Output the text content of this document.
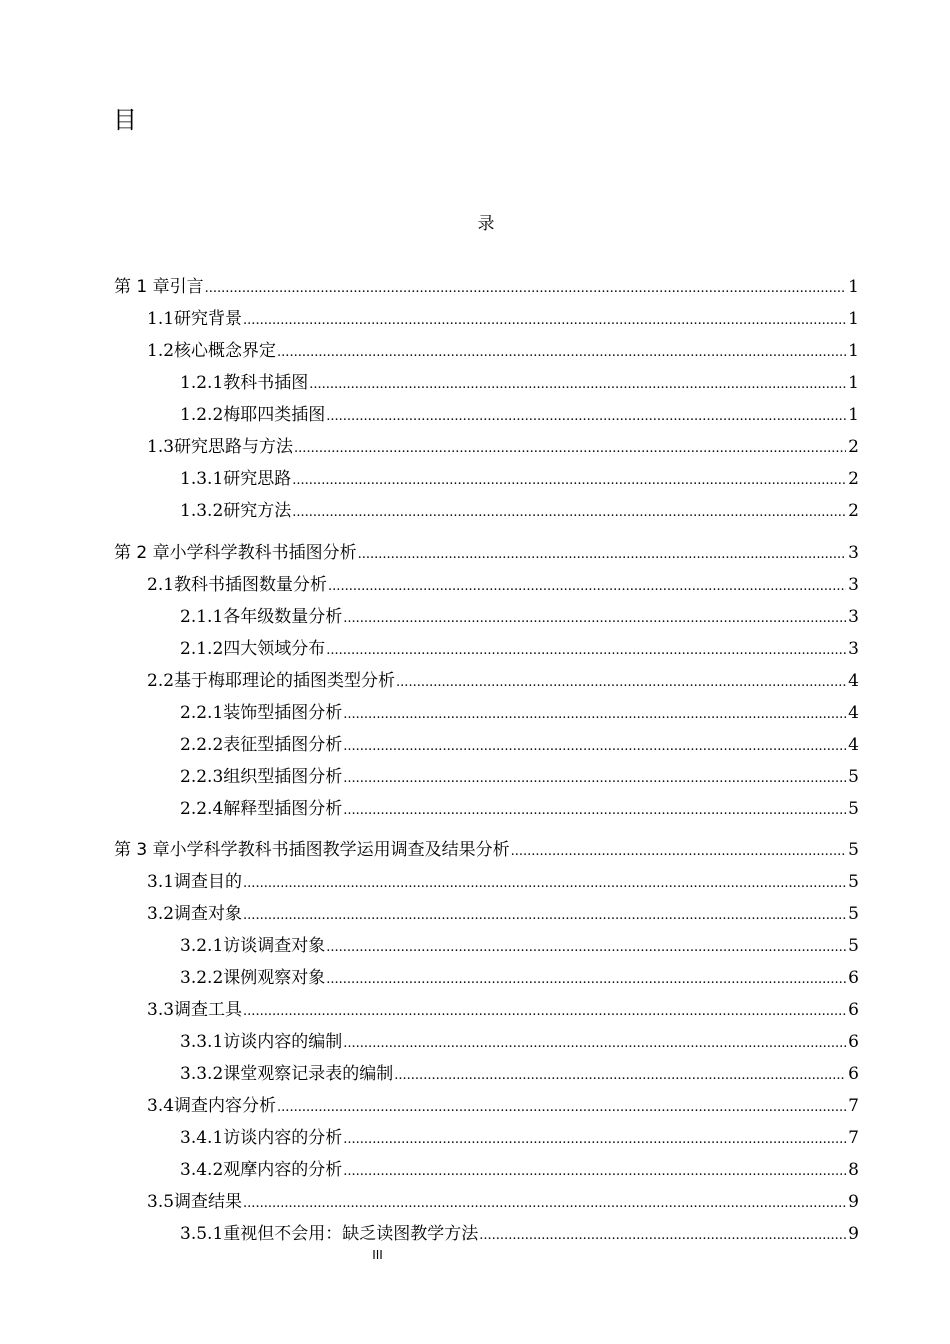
目
录
第 1 章 引言 .....	1
1.1 研究背景 .....	1
1.2 核心概念界定 .....	1
1.2.1 教科书插图 .....	1
1.2.2 梅耶四类插图 .....	1
1.3 研究思路与方法 .....	2
1.3.1 研究思路 .....	2
1.3.2 研究方法 .....	2
第 2 章 小学科学教科书插图分析 .....	3
2.1 教科书插图数量分析 .....	3
2.1.1 各年级数量分析 .....	3
2.1.2 四大领域分布 .....	3
2.2 基于梅耶理论的插图类型分析 .....	4
2.2.1 装饰型插图分析 .....	4
2.2.2 表征型插图分析 .....	4
2.2.3 组织型插图分析 .....	5
2.2.4 解释型插图分析 .....	5
第 3 章 小学科学教科书插图教学运用调查及结果分析 .....	5
3.1 调查目的 .....	5
3.2 调查对象 .....	5
3.2.1 访谈调查对象 .....	5
3.2.2 课例观察对象 .....	6
3.3 调查工具 .....	6
3.3.1 访谈内容的编制 .....	6
3.3.2 课堂观察记录表的编制 .....	6
3.4 调查内容分析 .....	7
3.4.1 访谈内容的分析 .....	7
3.4.2 观摩内容的分析 .....	8
3.5 调查结果 .....	9
3.5.1 重视但不会用：缺乏读图教学方法 .....	9
III
